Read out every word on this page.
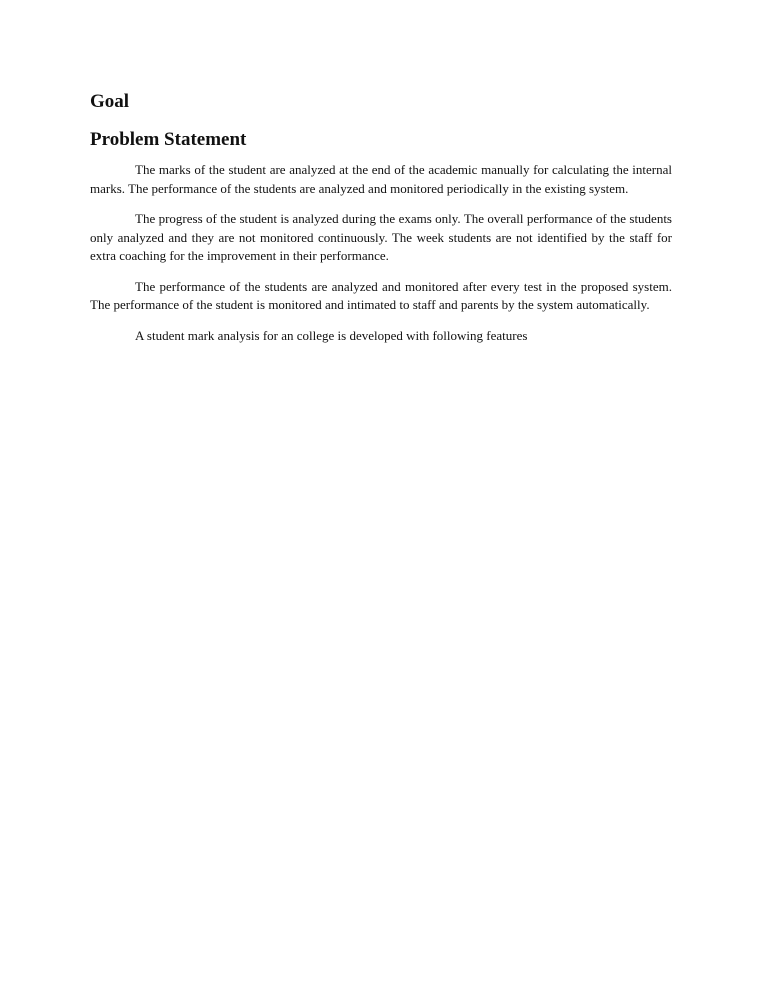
Goal
Problem Statement

The marks of the student are analyzed at the end of the academic manually for calculating the internal marks. The performance of the students are analyzed and monitored periodically in the existing system.

The progress of the student is analyzed during the exams only. The overall performance of the students only analyzed and they are not monitored continuously. The week students are not identified by the staff for extra coaching for the improvement in their performance.

The performance of the students are analyzed and monitored after every test in the proposed system. The performance of the student is monitored and intimated to staff and parents by the system automatically.

A student mark analysis for an college is developed with following features
